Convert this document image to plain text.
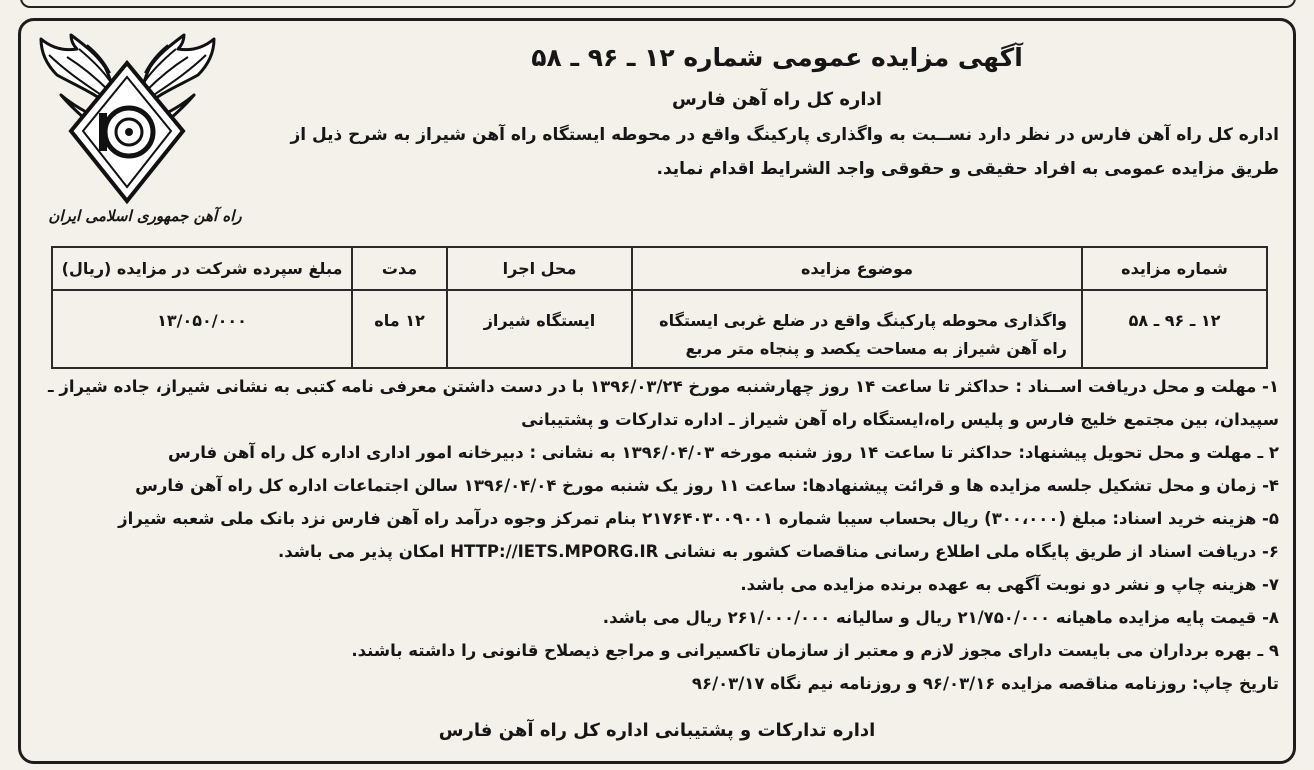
راه آهن جمهوری اسلامی ایران
آگهی مزایده عمومی شماره ۱۲ ـ ۹۶ ـ ۵۸
اداره کل راه آهن فارس

اداره کل راه آهن فارس در نظر دارد نســبت به واگذاری پارکینگ واقع در محوطه ایستگاه راه آهن شیراز به شرح ذیل از طریق مزایده عمومی به افراد حقیقی و حقوقی واجد الشرایط اقدام نماید.

شماره مزایده	موضوع مزایده	محل اجرا	مدت	مبلغ سپرده شرکت در مزایده (ریال)
۱۲ ـ ۹۶ ـ ۵۸	واگذاری محوطه پارکینگ واقع در ضلع غربی ایستگاه راه آهن شیراز به مساحت یکصد و پنجاه متر مربع	ایستگاه شیراز	۱۲ ماه	۱۳/۰۵۰/۰۰۰

۱- مهلت و محل دریافت اســناد : حداکثر تا ساعت ۱۴ روز چهارشنبه مورخ ۱۳۹۶/۰۳/۲۴ با در دست داشتن معرفی نامه کتبی به نشانی شیراز، جاده شیراز ـ سپیدان، بین مجتمع خلیج فارس و پلیس راه،ایستگاه راه آهن شیراز ـ اداره تدارکات و پشتیبانی

۲ ـ مهلت و محل تحویل پیشنهاد: حداکثر تا ساعت ۱۴ روز شنبه مورخه ۱۳۹۶/۰۴/۰۳ به نشانی : دبیرخانه امور اداری اداره کل راه آهن فارس

۴- زمان و محل تشکیل جلسه مزایده ها و قرائت پیشنهادها: ساعت ۱۱ روز یک شنبه مورخ ۱۳۹۶/۰۴/۰۴ سالن اجتماعات اداره کل راه آهن فارس

۵- هزینه خرید اسناد: مبلغ (۳۰۰،۰۰۰) ریال بحساب سیبا شماره ۲۱۷۶۴۰۳۰۰۹۰۰۱ بنام تمرکز وجوه درآمد راه آهن فارس نزد بانک ملی شعبه شیراز

۶- دریافت اسناد از طریق پایگاه ملی اطلاع رسانی مناقصات کشور به نشانی HTTP://IETS.MPORG.IR امکان پذیر می باشد.

۷- هزینه چاپ و نشر دو نوبت آگهی به عهده برنده مزایده می باشد.

۸- قیمت پایه مزایده ماهیانه ۲۱/۷۵۰/۰۰۰ ریال و سالیانه ۲۶۱/۰۰۰/۰۰۰ ریال می باشد.

۹ ـ بهره برداران می بایست دارای مجوز لازم و معتبر از سازمان تاکسیرانی و مراجع ذیصلاح قانونی را داشته باشند.

تاریخ چاپ: روزنامه مناقصه مزایده ۹۶/۰۳/۱۶ و روزنامه نیم نگاه ۹۶/۰۳/۱۷

اداره تدارکات و پشتیبانی اداره کل راه آهن فارس
